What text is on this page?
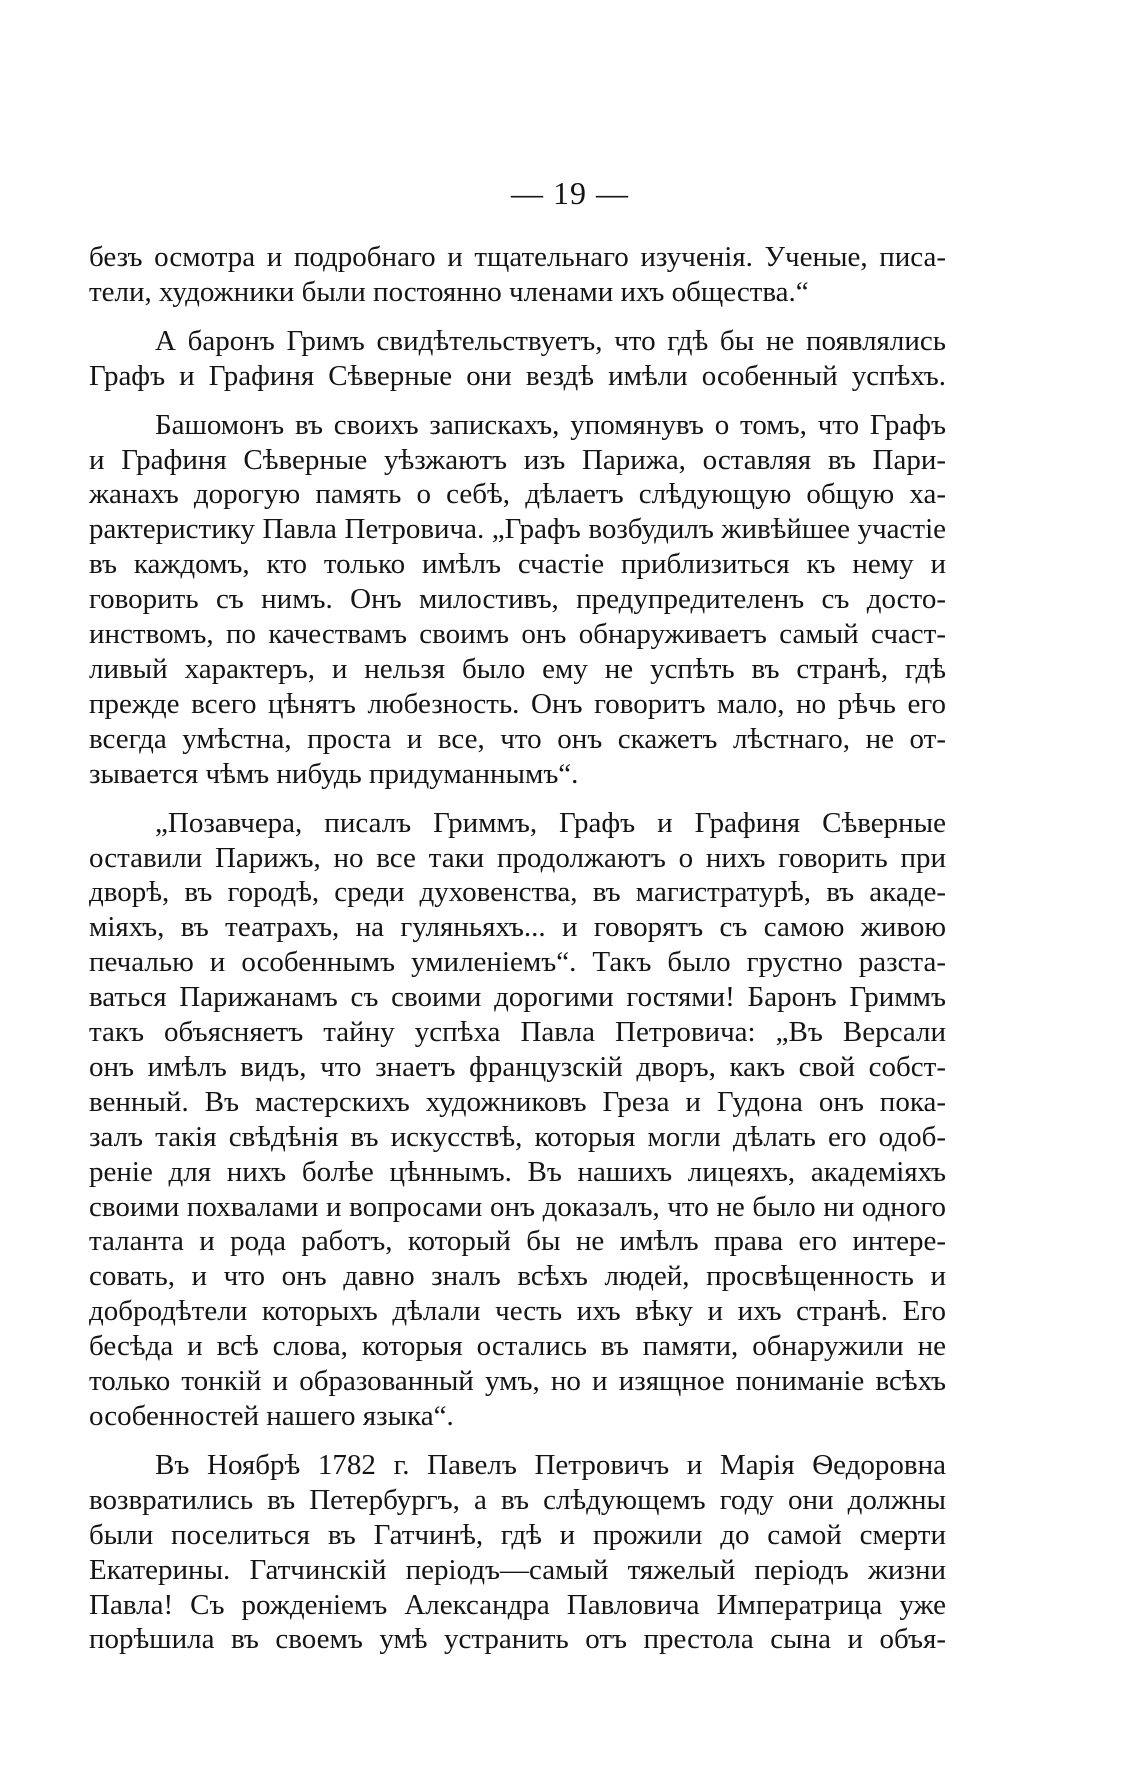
— 19 —

безъ осмотра и подробнаго и тщательнаго изученія. Ученые, писа-
тели, художники были постоянно членами ихъ общества.“

А баронъ Гримъ свидѣтельствуетъ, что гдѣ бы не появлялись
Графъ и Графиня Сѣверные они вездѣ имѣли особенный успѣхъ.

Башомонъ въ своихъ запискахъ, упомянувъ о томъ, что Графъ
и Графиня Сѣверные уѣзжаютъ изъ Парижа, оставляя въ Пари-
жанахъ дорогую память о себѣ, дѣлаетъ слѣдующую общую ха-
рактеристику Павла Петровича. „Графъ возбудилъ живѣйшее участіе
въ каждомъ, кто только имѣлъ счастіе приблизиться къ нему и
говорить съ нимъ. Онъ милостивъ, предупредителенъ съ досто-
инствомъ, по качествамъ своимъ онъ обнаруживаетъ самый счаст-
ливый характеръ, и нельзя было ему не успѣть въ странѣ, гдѣ
прежде всего цѣнятъ любезность. Онъ говоритъ мало, но рѣчь его
всегда умѣстна, проста и все, что онъ скажетъ лѣстнаго, не от-
зывается чѣмъ нибудь придуманнымъ“.

„Позавчера, писалъ Гриммъ, Графъ и Графиня Сѣверные
оставили Парижъ, но все таки продолжаютъ о нихъ говорить при
дворѣ, въ городѣ, среди духовенства, въ магистратурѣ, въ акаде-
міяхъ, въ театрахъ, на гуляньяхъ... и говорятъ съ самою живою
печалью и особеннымъ умиленіемъ“. Такъ было грустно разста-
ваться Парижанамъ съ своими дорогими гостями! Баронъ Гриммъ
такъ объясняетъ тайну успѣха Павла Петровича: „Въ Версали
онъ имѣлъ видъ, что знаетъ французскій дворъ, какъ свой собст-
венный. Въ мастерскихъ художниковъ Греза и Гудона онъ пока-
залъ такія свѣдѣнія въ искусствѣ, которыя могли дѣлать его одоб-
реніе для нихъ болѣе цѣннымъ. Въ нашихъ лицеяхъ, академіяхъ
своими похвалами и вопросами онъ доказалъ, что не было ни одного
таланта и рода работъ, который бы не имѣлъ права его интере-
совать, и что онъ давно зналъ всѣхъ людей, просвѣщенность и
добродѣтели которыхъ дѣлали честь ихъ вѣку и ихъ странѣ. Его
бесѣда и всѣ слова, которыя остались въ памяти, обнаружили не
только тонкій и образованный умъ, но и изящное пониманіе всѣхъ
особенностей нашего языка“.

Въ Ноябрѣ 1782 г. Павелъ Петровичъ и Марія Ѳедоровна
возвратились въ Петербургъ, а въ слѣдующемъ году они должны
были поселиться въ Гатчинѣ, гдѣ и прожили до самой смерти
Екатерины. Гатчинскій періодъ—самый тяжелый періодъ жизни
Павла! Съ рожденіемъ Александра Павловича Императрица уже
порѣшила въ своемъ умѣ устранить отъ престола сына и объя-
